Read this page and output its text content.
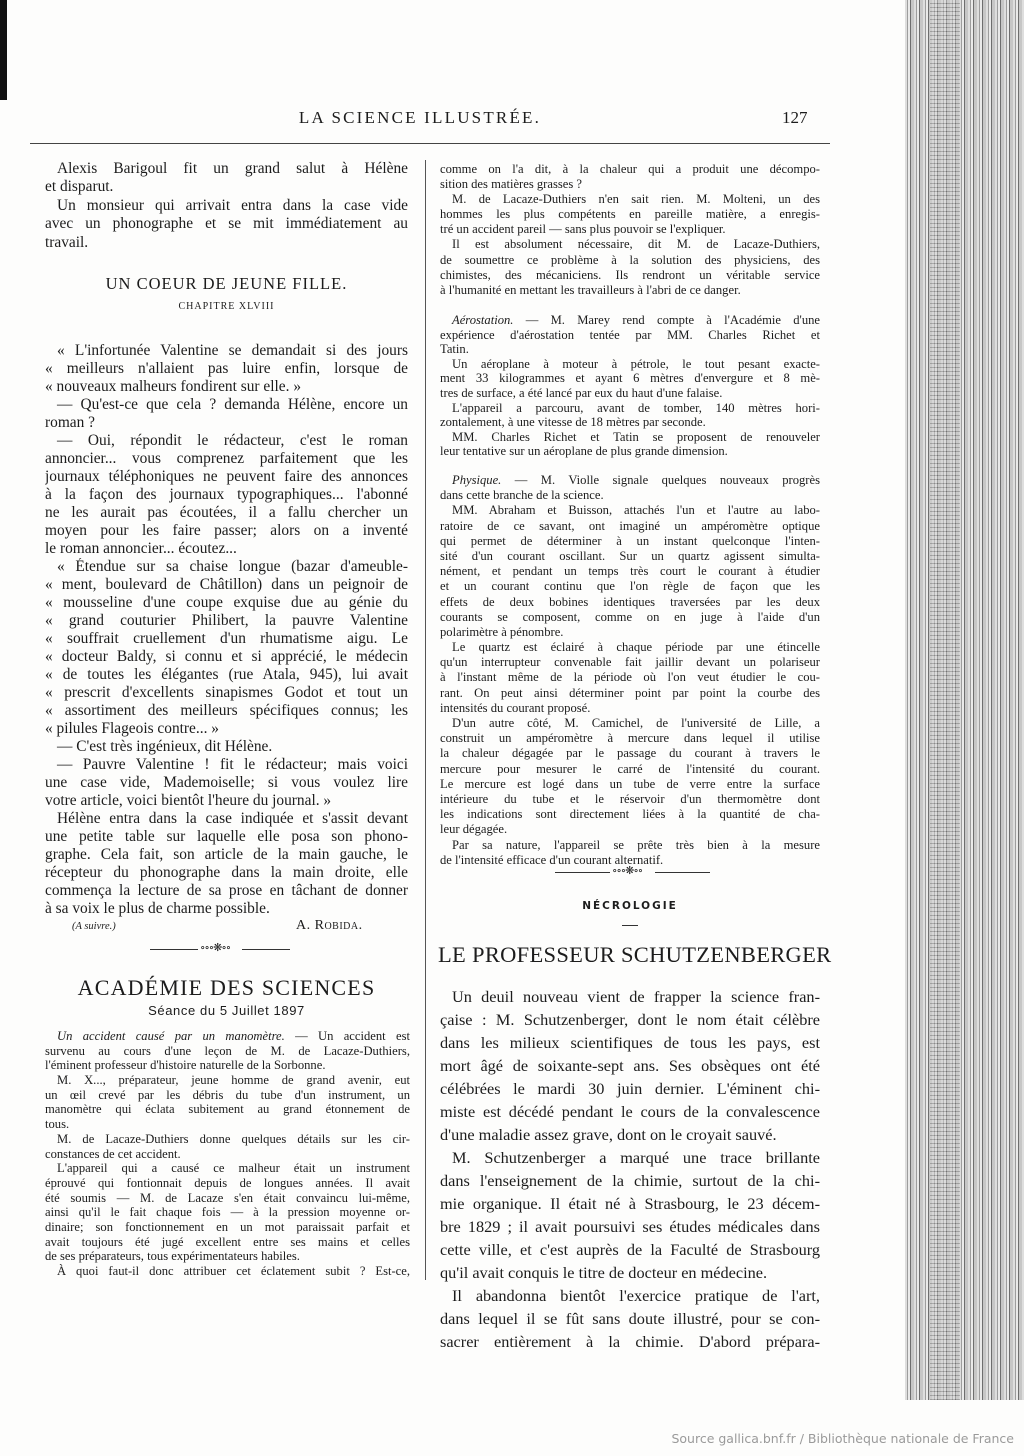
LA SCIENCE ILLUSTRÉE.	127
Alexis Barigoul fit un grand salut à Hélène
et disparut.
Un monsieur qui arrivait entra dans la case vide
avec un phonographe et se mit immédiatement au
travail.
UN COEUR DE JEUNE FILLE.
CHAPITRE XLVIII
« L'infortunée Valentine se demandait si des jours
« meilleurs n'allaient pas luire enfin, lorsque de
« nouveaux malheurs fondirent sur elle. »
— Qu'est-ce que cela ? demanda Hélène, encore un
roman ?
— Oui, répondit le rédacteur, c'est le roman
annoncier... vous comprenez parfaitement que les
journaux téléphoniques ne peuvent faire des annonces
à la façon des journaux typographiques... l'abonné
ne les aurait pas écoutées, il a fallu chercher un
moyen pour les faire passer; alors on a inventé
le roman annoncier... écoutez...
« Étendue sur sa chaise longue (bazar d'ameuble-
« ment, boulevard de Châtillon) dans un peignoir de
« mousseline d'une coupe exquise due au génie du
« grand couturier Philibert, la pauvre Valentine
« souffrait cruellement d'un rhumatisme aigu. Le
« docteur Baldy, si connu et si apprécié, le médecin
« de toutes les élégantes (rue Atala, 945), lui avait
« prescrit d'excellents sinapismes Godot et tout un
« assortiment des meilleurs spécifiques connus; les
« pilules Flageois contre... »
— C'est très ingénieux, dit Hélène.
— Pauvre Valentine ! fit le rédacteur; mais voici
une case vide, Mademoiselle; si vous voulez lire
votre article, voici bientôt l'heure du journal. »
Hélène entra dans la case indiquée et s'assit devant
une petite table sur laquelle elle posa son phono-
graphe. Cela fait, son article de la main gauche, le
récepteur du phonographe dans la main droite, elle
commença la lecture de sa prose en tâchant de donner
à sa voix le plus de charme possible.
(A suivre.)	A. Robida.
∘∘∘❋∘∘
ACADÉMIE DES SCIENCES
Séance du 5 Juillet 1897
Un accident causé par un manomètre. — Un accident est
survenu au cours d'une leçon de M. de Lacaze-Duthiers,
l'éminent professeur d'histoire naturelle de la Sorbonne.
M. X..., préparateur, jeune homme de grand avenir, eut
un œil crevé par les débris du tube d'un instrument, un
manomètre qui éclata subitement au grand étonnement de
tous.
M. de Lacaze-Duthiers donne quelques détails sur les cir-
constances de cet accident.
L'appareil qui a causé ce malheur était un instrument
éprouvé qui fontionnait depuis de longues années. Il avait
été soumis — M. de Lacaze s'en était convaincu lui-même,
ainsi qu'il le fait chaque fois — à la pression moyenne or-
dinaire; son fonctionnement en un mot paraissait parfait et
avait toujours été jugé excellent entre ses mains et celles
de ses préparateurs, tous expérimentateurs habiles.
À quoi faut-il donc attribuer cet éclatement subit ? Est-ce,
comme on l'a dit, à la chaleur qui a produit une décompo-
sition des matières grasses ?
M. de Lacaze-Duthiers n'en sait rien. M. Molteni, un des
hommes les plus compétents en pareille matière, a enregis-
tré un accident pareil — sans plus pouvoir se l'expliquer.
Il est absolument nécessaire, dit M. de Lacaze-Duthiers,
de soumettre ce problème à la solution des physiciens, des
chimistes, des mécaniciens. Ils rendront un véritable service
à l'humanité en mettant les travailleurs à l'abri de ce danger.
Aérostation. — M. Marey rend compte à l'Académie d'une
expérience d'aérostation tentée par MM. Charles Richet et
Tatin.
Un aéroplane à moteur à pétrole, le tout pesant exacte-
ment 33 kilogrammes et ayant 6 mètres d'envergure et 8 mè-
tres de surface, a été lancé par eux du haut d'une falaise.
L'appareil a parcouru, avant de tomber, 140 mètres hori-
zontalement, à une vitesse de 18 mètres par seconde.
MM. Charles Richet et Tatin se proposent de renouveler
leur tentative sur un aéroplane de plus grande dimension.
Physique. — M. Violle signale quelques nouveaux progrès
dans cette branche de la science.
MM. Abraham et Buisson, attachés l'un et l'autre au labo-
ratoire de ce savant, ont imaginé un ampéromètre optique
qui permet de déterminer à un instant quelconque l'inten-
sité d'un courant oscillant. Sur un quartz agissent simulta-
nément, et pendant un temps très court le courant à étudier
et un courant continu que l'on règle de façon que les
effets de deux bobines identiques traversées par les deux
courants se composent, comme on en juge à l'aide d'un
polarimètre à pénombre.
Le quartz est éclairé à chaque période par une étincelle
qu'un interrupteur convenable fait jaillir devant un polariseur
à l'instant même de la période où l'on veut étudier le cou-
rant. On peut ainsi déterminer point par point la courbe des
intensités du courant proposé.
D'un autre côté, M. Camichel, de l'université de Lille, a
construit un ampéromètre à mercure dans lequel il utilise
la chaleur dégagée par le passage du courant à travers le
mercure pour mesurer le carré de l'intensité du courant.
Le mercure est logé dans un tube de verre entre la surface
intérieure du tube et le réservoir d'un thermomètre dont
les indications sont directement liées à la quantité de cha-
leur dégagée.
Par sa nature, l'appareil se prête très bien à la mesure
de l'intensité efficace d'un courant alternatif.
∘∘∘❋∘∘
NÉCROLOGIE
LE PROFESSEUR SCHUTZENBERGER
Un deuil nouveau vient de frapper la science fran-
çaise : M. Schutzenberger, dont le nom était célèbre
dans les milieux scientifiques de tous les pays, est
mort âgé de soixante-sept ans. Ses obsèques ont été
célébrées le mardi 30 juin dernier. L'éminent chi-
miste est décédé pendant le cours de la convalescence
d'une maladie assez grave, dont on le croyait sauvé.
M. Schutzenberger a marqué une trace brillante
dans l'enseignement de la chimie, surtout de la chi-
mie organique. Il était né à Strasbourg, le 23 décem-
bre 1829 ; il avait poursuivi ses études médicales dans
cette ville, et c'est auprès de la Faculté de Strasbourg
qu'il avait conquis le titre de docteur en médecine.
Il abandonna bientôt l'exercice pratique de l'art,
dans lequel il se fût sans doute illustré, pour se con-
sacrer entièrement à la chimie. D'abord prépara-
Source gallica.bnf.fr / Bibliothèque nationale de France
